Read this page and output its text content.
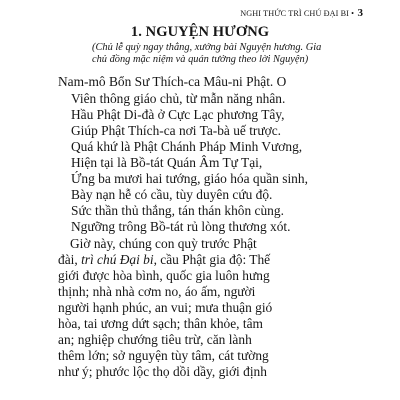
NGHI THỨC TRÌ CHÚ ĐẠI BI • 3
1. NGUYỆN HƯƠNG
(Chủ lễ quỳ ngay thẳng, xướng bài Nguyện hương. Gia
chủ đồng mặc niệm và quán tưởng theo lời Nguyện)
Nam-mô Bổn Sư Thích-ca Mâu-ni Phật. O
Viên thông giáo chủ, từ mẫn năng nhân.
Hầu Phật Di-đà ở Cực Lạc phương Tây,
Giúp Phật Thích-ca nơi Ta-bà uế trược.
Quá khứ là Phật Chánh Pháp Minh Vương,
Hiện tại là Bồ-tát Quán Âm Tự Tại,
Ứng ba mươi hai tướng, giáo hóa quần sinh,
Bày nạn hễ có cầu, tùy duyên cứu độ.
Sức thần thủ thắng, tán thán khôn cùng.
Ngưỡng trông Bồ-tát rủ lòng thương xót.
Giờ này, chúng con quỳ trước Phật
đài, trì chú Đại bi, cầu Phật gia độ: Thế
giới được hòa bình, quốc gia luôn hưng
thịnh; nhà nhà cơm no, áo ấm, người
người hạnh phúc, an vui; mưa thuận gió
hòa, tai ương dứt sạch; thân khỏe, tâm
an; nghiệp chướng tiêu trừ, căn lành
thêm lớn; sở nguyện tùy tâm, cát tường
như ý; phước lộc thọ dồi dầy, giới định
